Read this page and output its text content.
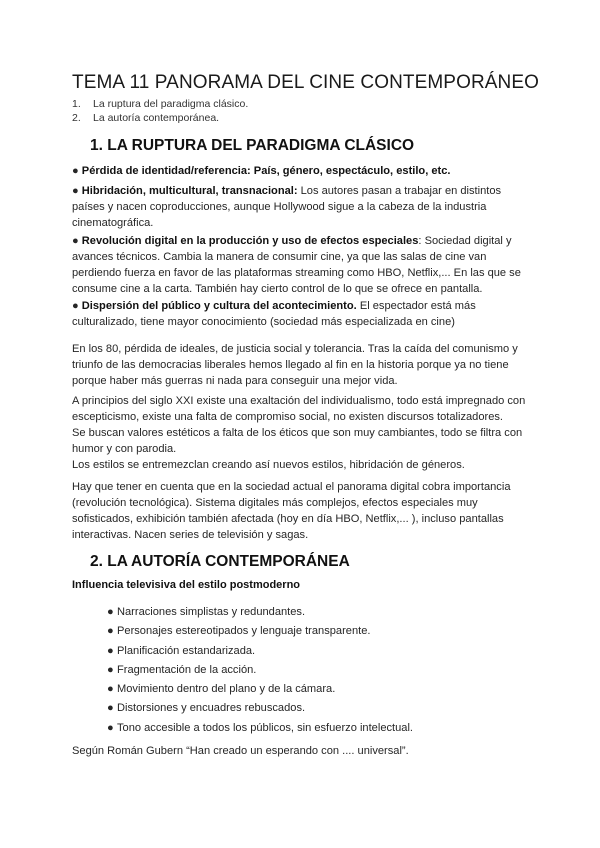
TEMA 11 PANORAMA DEL CINE CONTEMPORÁNEO
1. La ruptura del paradigma clásico.
2. La autoría contemporánea.
1. LA RUPTURA DEL PARADIGMA CLÁSICO

● Pérdida de identidad/referencia: País, género, espectáculo, estilo, etc.

● Hibridación, multicultural, transnacional: Los autores pasan a trabajar en distintos países y nacen coproducciones, aunque Hollywood sigue a la cabeza de la industria cinematográfica.

● Revolución digital en la producción y uso de efectos especiales: Sociedad digital y avances técnicos. Cambia la manera de consumir cine, ya que las salas de cine van perdiendo fuerza en favor de las plataformas streaming como HBO, Netflix,... En las que se consume cine a la carta. También hay cierto control de lo que se ofrece en pantalla.

● Dispersión del público y cultura del acontecimiento. El espectador está más culturalizado, tiene mayor conocimiento (sociedad más especializada en cine)

En los 80, pérdida de ideales, de justicia social y tolerancia. Tras la caída del comunismo y triunfo de las democracias liberales hemos llegado al fin en la historia porque ya no tiene porque haber más guerras ni nada para conseguir una mejor vida.

A principios del siglo XXI existe una exaltación del individualismo, todo está impregnado con escepticismo, existe una falta de compromiso social, no existen discursos totalizadores.

Se buscan valores estéticos a falta de los éticos que son muy cambiantes, todo se filtra con humor y con parodia.

Los estilos se entremezclan creando así nuevos estilos, hibridación de géneros.

Hay que tener en cuenta que en la sociedad actual el panorama digital cobra importancia (revolución tecnológica). Sistema digitales más complejos, efectos especiales muy sofisticados, exhibición también afectada (hoy en día HBO, Netflix,... ), incluso pantallas interactivas. Nacen series de televisión y sagas.

2. LA AUTORÍA CONTEMPORÁNEA

Influencia televisiva del estilo postmoderno

● Narraciones simplistas y redundantes.
● Personajes estereotipados y lenguaje transparente.
● Planificación estandarizada.
● Fragmentación de la acción.
● Movimiento dentro del plano y de la cámara.
● Distorsiones y encuadres rebuscados.
● Tono accesible a todos los públicos, sin esfuerzo intelectual.

Según Román Gubern “Han creado un esperando con .... universal”.
